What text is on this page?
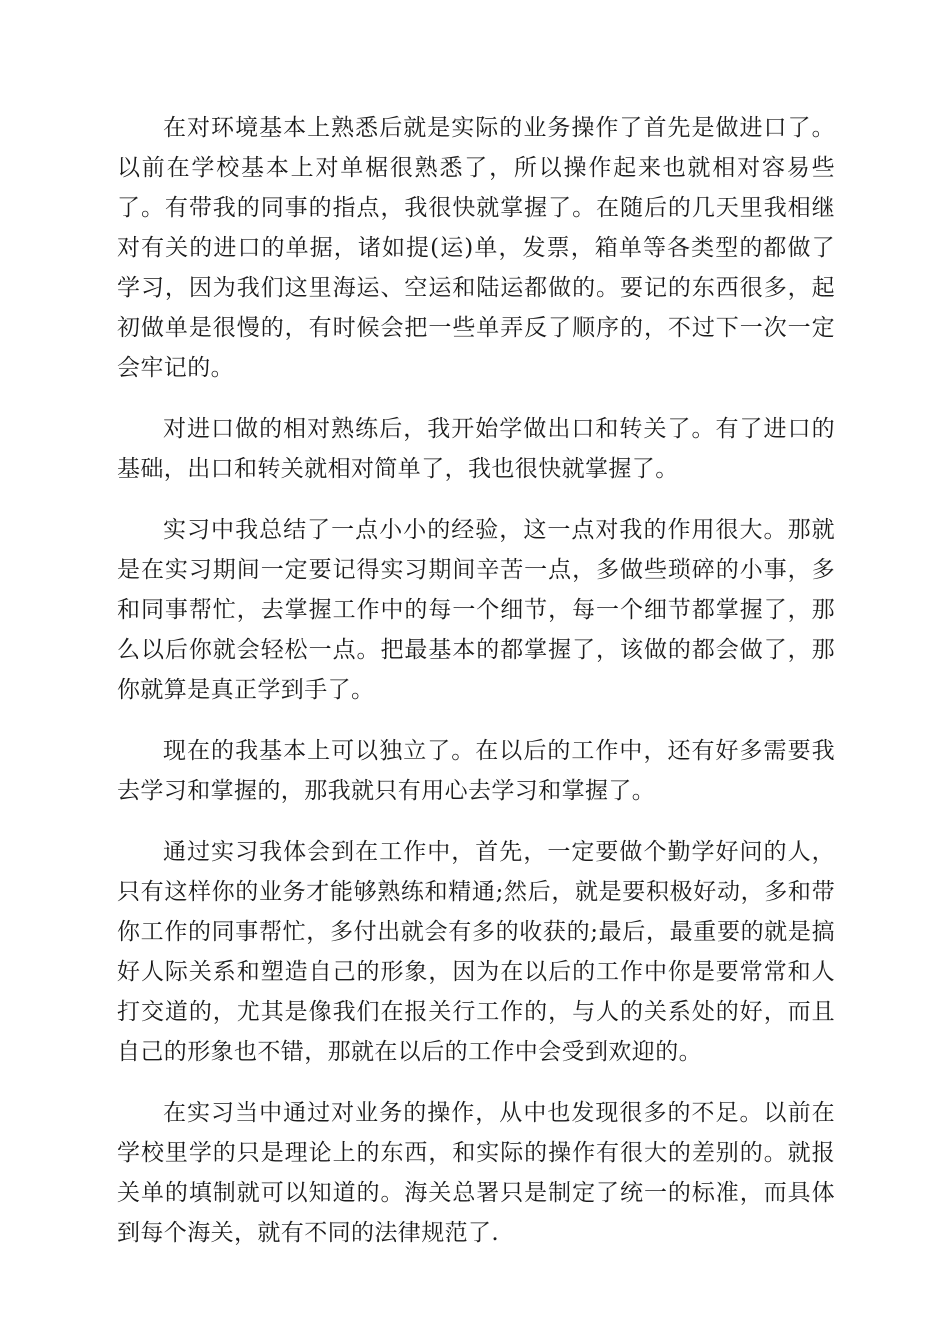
在对环境基本上熟悉后就是实际的业务操作了首先是做进口了。以前在学校基本上对单椐很熟悉了，所以操作起来也就相对容易些了。有带我的同事的指点，我很快就掌握了。在随后的几天里我相继对有关的进口的单据，诸如提(运)单，发票，箱单等各类型的都做了学习，因为我们这里海运、空运和陆运都做的。要记的东西很多，起初做单是很慢的，有时候会把一些单弄反了顺序的，不过下一次一定会牢记的。

对进口做的相对熟练后，我开始学做出口和转关了。有了进口的基础，出口和转关就相对简单了，我也很快就掌握了。

实习中我总结了一点小小的经验，这一点对我的作用很大。那就是在实习期间一定要记得实习期间辛苦一点，多做些琐碎的小事，多和同事帮忙，去掌握工作中的每一个细节，每一个细节都掌握了，那么以后你就会轻松一点。把最基本的都掌握了，该做的都会做了，那你就算是真正学到手了。

现在的我基本上可以独立了。在以后的工作中，还有好多需要我去学习和掌握的，那我就只有用心去学习和掌握了。

通过实习我体会到在工作中，首先，一定要做个勤学好问的人，只有这样你的业务才能够熟练和精通;然后，就是要积极好动，多和带你工作的同事帮忙，多付出就会有多的收获的;最后，最重要的就是搞好人际关系和塑造自己的形象，因为在以后的工作中你是要常常和人打交道的，尤其是像我们在报关行工作的，与人的关系处的好，而且自己的形象也不错，那就在以后的工作中会受到欢迎的。

在实习当中通过对业务的操作，从中也发现很多的不足。以前在学校里学的只是理论上的东西，和实际的操作有很大的差别的。就报关单的填制就可以知道的。海关总署只是制定了统一的标准，而具体到每个海关，就有不同的法律规范了.
